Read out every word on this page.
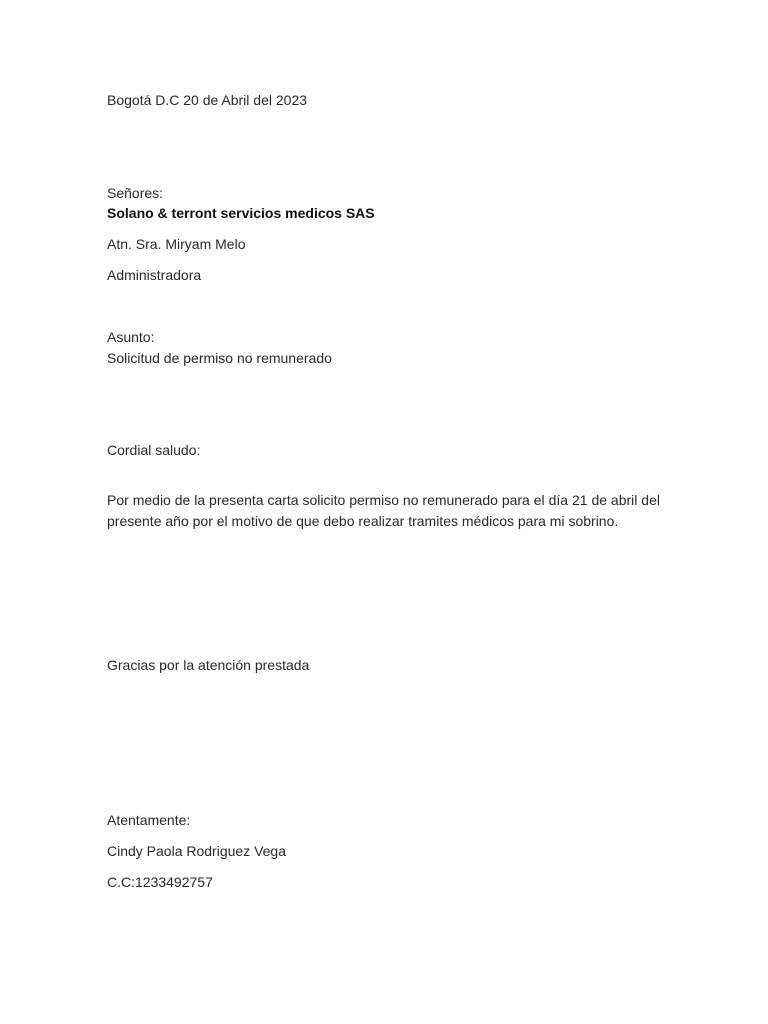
Bogotá D.C 20 de Abril del 2023
Señores:
Solano & terront servicios medicos SAS
Atn. Sra. Miryam Melo
Administradora
Asunto:
Solicitud de permiso no remunerado
Cordial saludo:
Por medio de la presenta carta solicito permiso no remunerado para el día 21 de abril del presente año por el motivo de que debo realizar tramites médicos para mi sobrino.
Gracias por la atención prestada
Atentamente:
Cindy Paola Rodriguez Vega
C.C:1233492757
